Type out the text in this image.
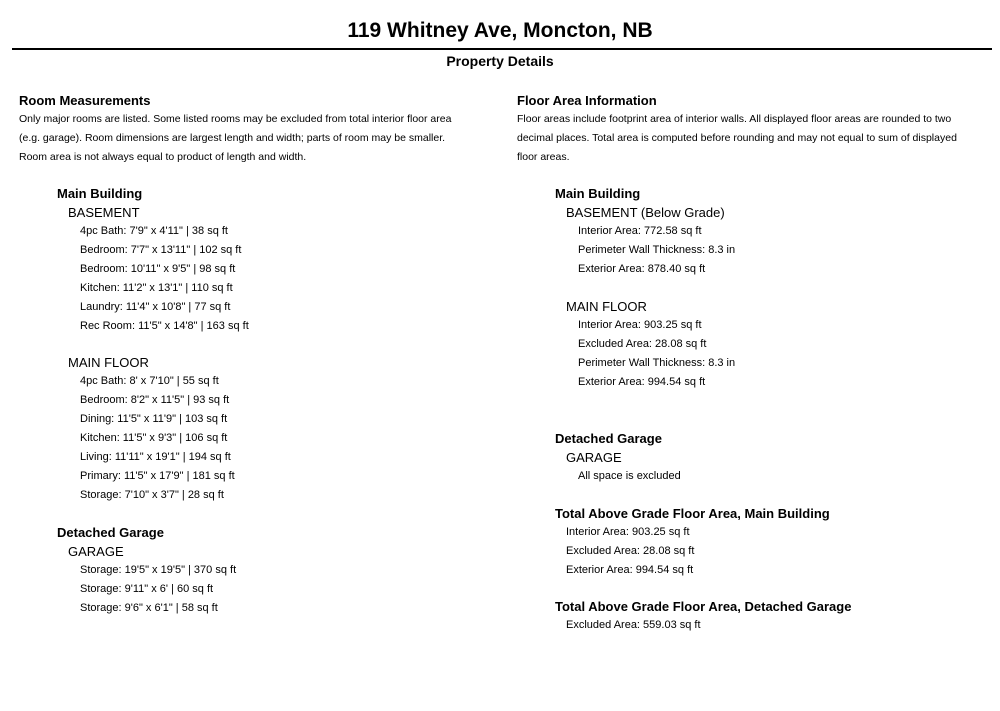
119 Whitney Ave, Moncton, NB
Property Details
Room Measurements
Only major rooms are listed. Some listed rooms may be excluded from total interior floor area
(e.g. garage). Room dimensions are largest length and width; parts of room may be smaller.
Room area is not always equal to product of length and width.
Main Building
BASEMENT
4pc Bath: 7'9" x 4'11" | 38 sq ft
Bedroom: 7'7" x 13'11" | 102 sq ft
Bedroom: 10'11" x 9'5" | 98 sq ft
Kitchen: 11'2" x 13'1" | 110 sq ft
Laundry: 11'4" x 10'8" | 77 sq ft
Rec Room: 11'5" x 14'8" | 163 sq ft
MAIN FLOOR
4pc Bath: 8' x 7'10" | 55 sq ft
Bedroom: 8'2" x 11'5" | 93 sq ft
Dining: 11'5" x 11'9" | 103 sq ft
Kitchen: 11'5" x 9'3" | 106 sq ft
Living: 11'11" x 19'1" | 194 sq ft
Primary: 11'5" x 17'9" | 181 sq ft
Storage: 7'10" x 3'7" | 28 sq ft
Detached Garage
GARAGE
Storage: 19'5" x 19'5" | 370 sq ft
Storage: 9'11" x 6' | 60 sq ft
Storage: 9'6" x 6'1" | 58 sq ft
Floor Area Information
Floor areas include footprint area of interior walls. All displayed floor areas are rounded to two
decimal places. Total area is computed before rounding and may not equal to sum of displayed
floor areas.
Main Building
BASEMENT (Below Grade)
Interior Area: 772.58 sq ft
Perimeter Wall Thickness: 8.3 in
Exterior Area: 878.40 sq ft
MAIN FLOOR
Interior Area: 903.25 sq ft
Excluded Area: 28.08 sq ft
Perimeter Wall Thickness: 8.3 in
Exterior Area: 994.54 sq ft
Detached Garage
GARAGE
All space is excluded
Total Above Grade Floor Area, Main Building
Interior Area: 903.25 sq ft
Excluded Area: 28.08 sq ft
Exterior Area: 994.54 sq ft
Total Above Grade Floor Area, Detached Garage
Excluded Area: 559.03 sq ft
